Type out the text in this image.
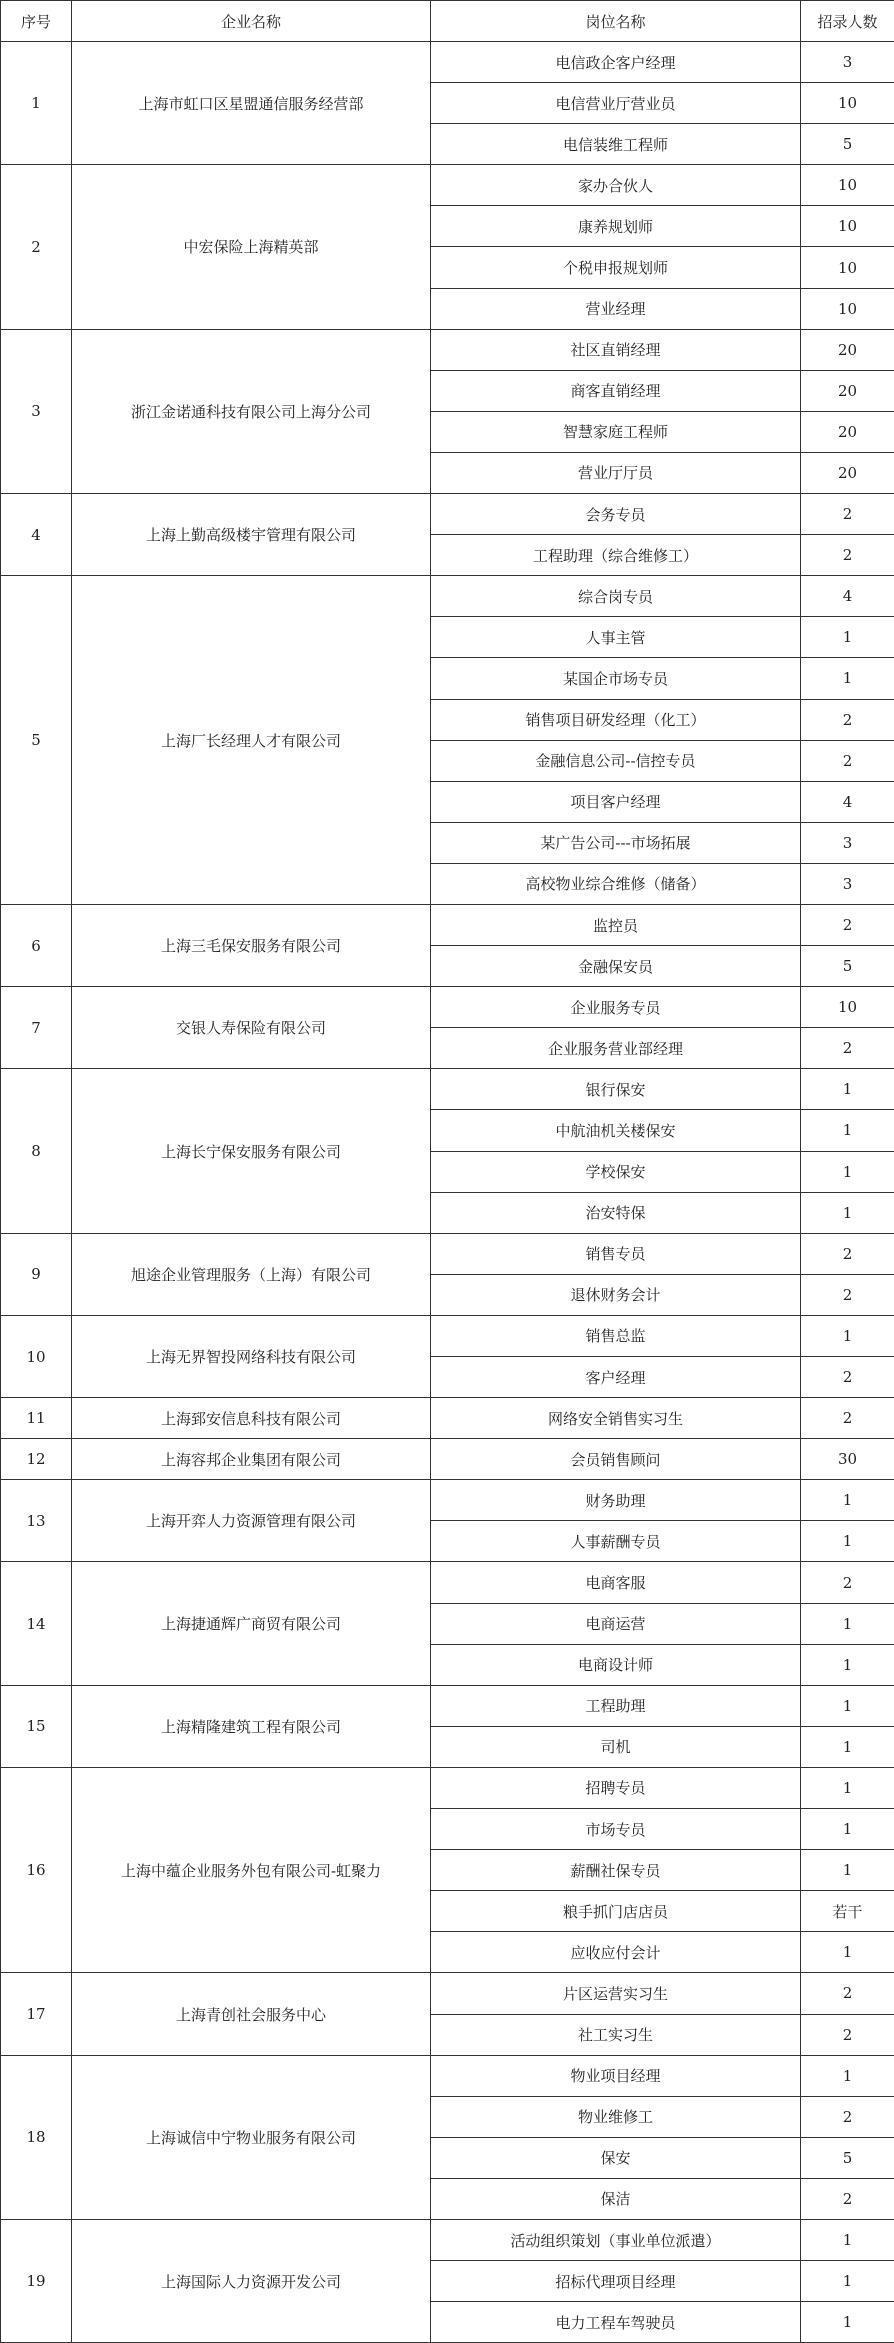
序号	企业名称	岗位名称	招录人数
1	上海市虹口区星盟通信服务经营部	电信政企客户经理	3
		电信营业厅营业员	10
		电信装维工程师	5
2	中宏保险上海精英部	家办合伙人	10
		康养规划师	10
		个税申报规划师	10
		营业经理	10
3	浙江金诺通科技有限公司上海分公司	社区直销经理	20
		商客直销经理	20
		智慧家庭工程师	20
		营业厅厅员	20
4	上海上勤高级楼宇管理有限公司	会务专员	2
		工程助理（综合维修工）	2
5	上海厂长经理人才有限公司	综合岗专员	4
		人事主管	1
		某国企市场专员	1
		销售项目研发经理（化工）	2
		金融信息公司--信控专员	2
		项目客户经理	4
		某广告公司---市场拓展	3
		高校物业综合维修（储备）	3
6	上海三毛保安服务有限公司	监控员	2
		金融保安员	5
7	交银人寿保险有限公司	企业服务专员	10
		企业服务营业部经理	2
8	上海长宁保安服务有限公司	银行保安	1
		中航油机关楼保安	1
		学校保安	1
		治安特保	1
9	旭途企业管理服务（上海）有限公司	销售专员	2
		退休财务会计	2
10	上海无界智投网络科技有限公司	销售总监	1
		客户经理	2
11	上海郅安信息科技有限公司	网络安全销售实习生	2
12	上海容邦企业集团有限公司	会员销售顾问	30
13	上海开弈人力资源管理有限公司	财务助理	1
		人事薪酬专员	1
14	上海捷通辉广商贸有限公司	电商客服	2
		电商运营	1
		电商设计师	1
15	上海精隆建筑工程有限公司	工程助理	1
		司机	1
16	上海中蕴企业服务外包有限公司-虹聚力	招聘专员	1
		市场专员	1
		薪酬社保专员	1
		粮手抓门店店员	若干
		应收应付会计	1
17	上海青创社会服务中心	片区运营实习生	2
		社工实习生	2
18	上海诚信中宁物业服务有限公司	物业项目经理	1
		物业维修工	2
		保安	5
		保洁	2
19	上海国际人力资源开发公司	活动组织策划（事业单位派遣）	1
		招标代理项目经理	1
		电力工程车驾驶员	1
